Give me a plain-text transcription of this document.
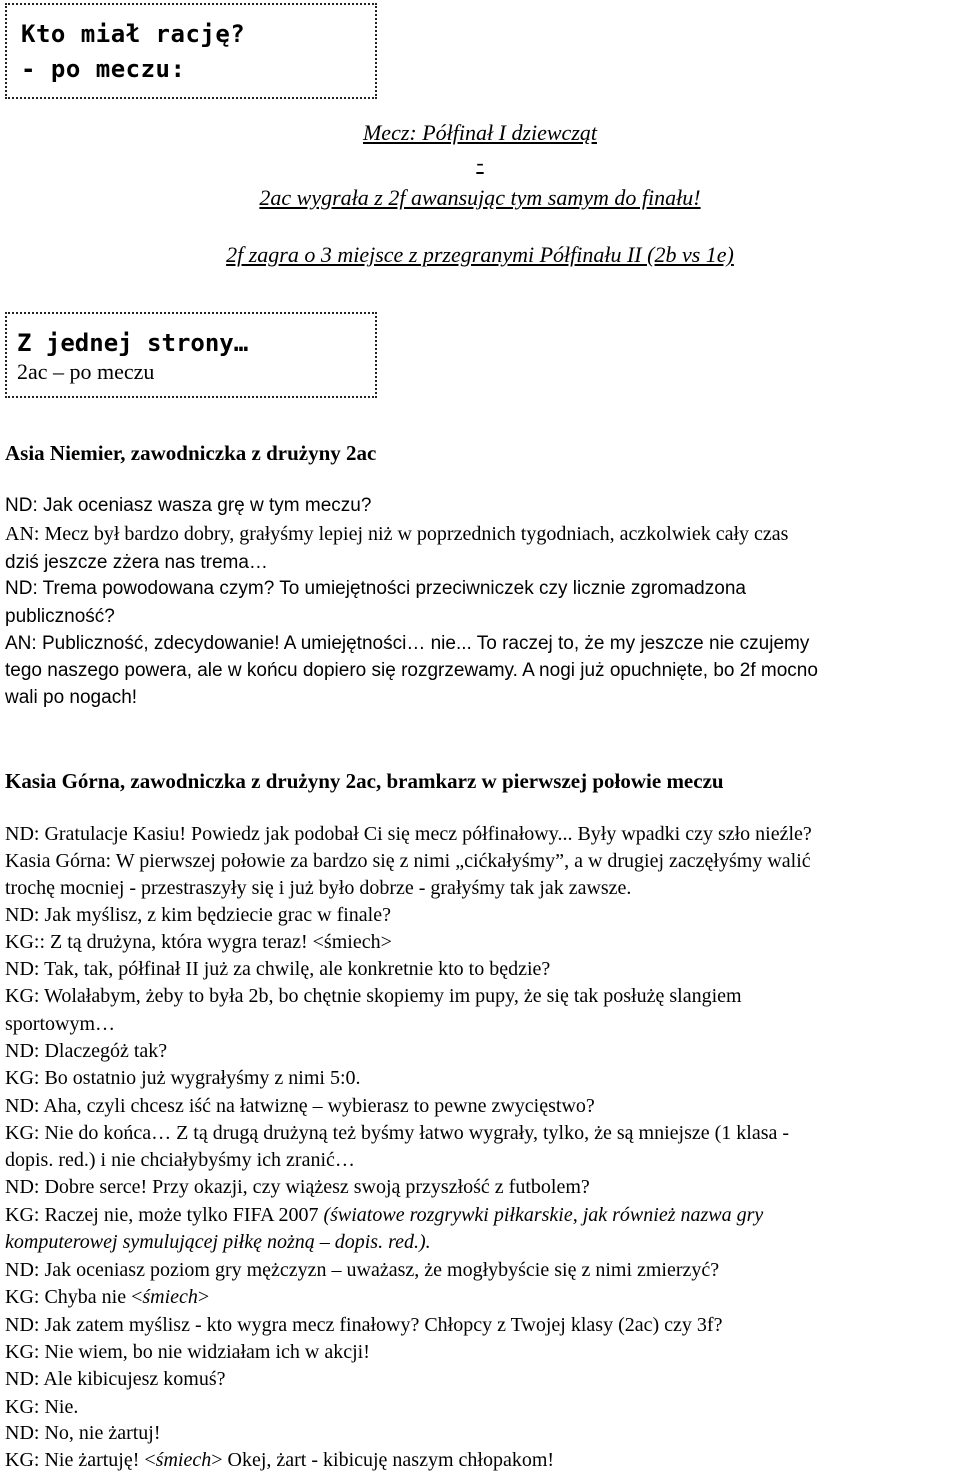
Kto miał rację?
- po meczu:
Mecz: Półfinał I dziewcząt
-
2ac wygrała z 2f awansując tym samym do finału!
2f zagra o 3 miejsce z przegranymi Półfinału II (2b vs 1e)
Z jednej strony…
2ac – po meczu
Asia Niemier, zawodniczka z drużyny 2ac
ND: Jak oceniasz wasza grę w tym meczu?
AN: Mecz był bardzo dobry, grałyśmy lepiej niż w poprzednich tygodniach, aczkolwiek cały czas
dziś jeszcze zżera nas trema…
ND: Trema powodowana czym? To umiejętności przeciwniczek czy licznie zgromadzona
publiczność?
AN: Publiczność, zdecydowanie! A umiejętności… nie... To raczej to, że my jeszcze nie czujemy
tego naszego powera, ale w końcu dopiero się rozgrzewamy. A nogi już opuchnięte, bo 2f mocno
wali po nogach!
Kasia Górna, zawodniczka z drużyny 2ac, bramkarz w pierwszej połowie meczu
ND: Gratulacje Kasiu! Powiedz jak podobał Ci się mecz półfinałowy... Były wpadki czy szło nieźle?
Kasia Górna: W pierwszej połowie za bardzo się z nimi „cićkałyśmy”, a w drugiej zaczęłyśmy walić
trochę mocniej - przestraszyły się i już było dobrze - grałyśmy tak jak zawsze.
ND: Jak myślisz, z kim będziecie grac w finale?
KG:: Z tą drużyna, która wygra teraz! <śmiech>
ND: Tak, tak, półfinał II już za chwilę, ale konkretnie kto to będzie?
KG: Wolałabym, żeby to była 2b, bo chętnie skopiemy im pupy, że się tak posłużę slangiem
sportowym…
ND: Dlaczegóż tak?
KG: Bo ostatnio już wygrałyśmy z nimi 5:0.
ND: Aha, czyli chcesz iść na łatwiznę – wybierasz to pewne zwycięstwo?
KG: Nie do końca… Z tą drugą drużyną też byśmy łatwo wygrały, tylko, że są mniejsze (1 klasa -
dopis. red.) i nie chciałybyśmy ich zranić…
ND: Dobre serce! Przy okazji, czy wiążesz swoją przyszłość z futbolem?
KG: Raczej nie, może tylko FIFA 2007 (światowe rozgrywki piłkarskie, jak również nazwa gry
komputerowej symulującej piłkę nożną – dopis. red.).
ND: Jak oceniasz poziom gry mężczyzn – uważasz, że mogłybyście się z nimi zmierzyć?
KG: Chyba nie <śmiech>
ND: Jak zatem myślisz - kto wygra mecz finałowy? Chłopcy z Twojej klasy (2ac) czy 3f?
KG: Nie wiem, bo nie widziałam ich w akcji!
ND: Ale kibicujesz komuś?
KG: Nie.
ND: No, nie żartuj!
KG: Nie żartuję! <śmiech> Okej, żart - kibicuję naszym chłopakom!
